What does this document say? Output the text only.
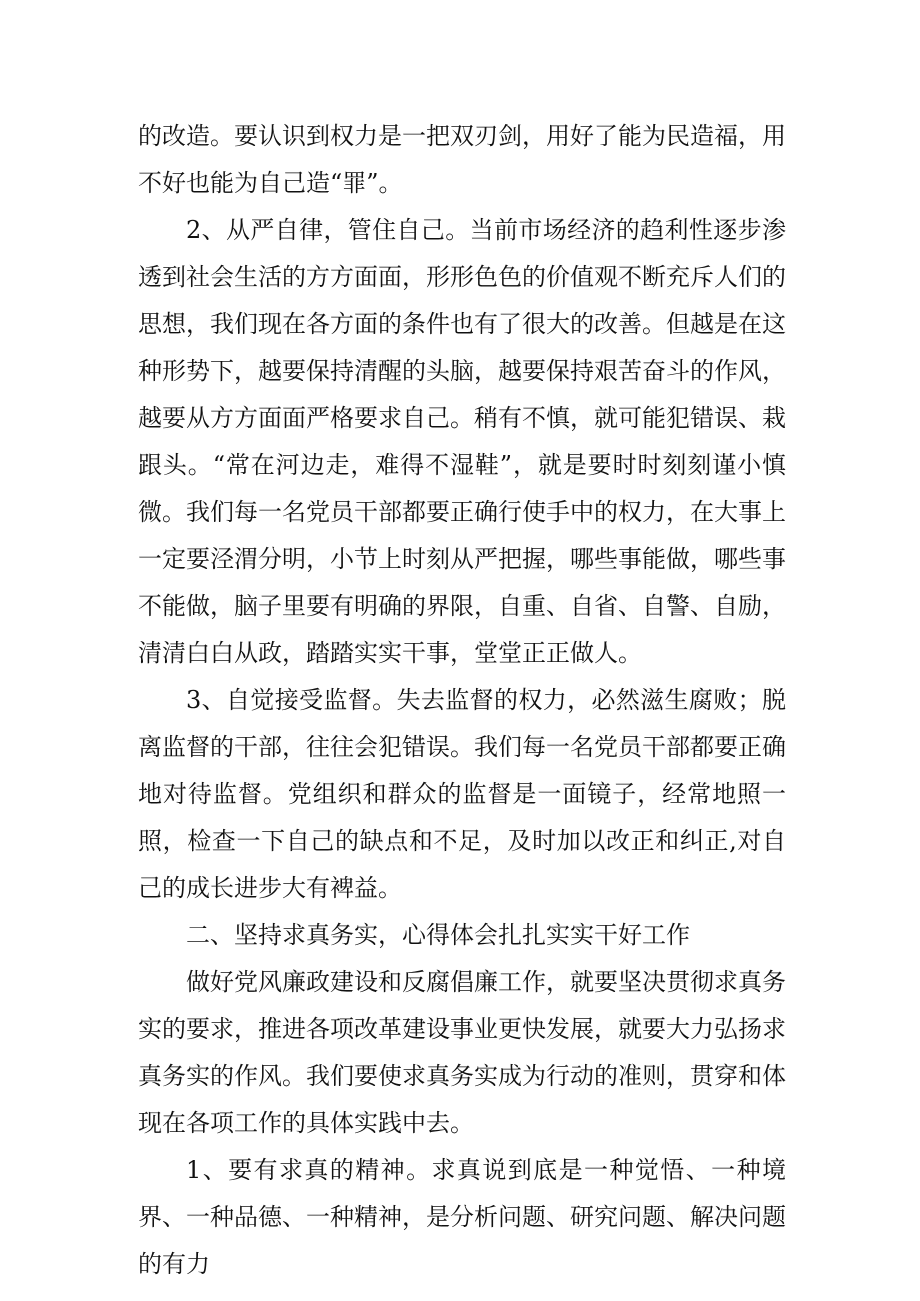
的改造。要认识到权力是一把双刃剑，用好了能为民造福，用不好也能为自己造“罪”。

2、从严自律，管住自己。当前市场经济的趋利性逐步渗透到社会生活的方方面面，形形色色的价值观不断充斥人们的思想，我们现在各方面的条件也有了很大的改善。但越是在这种形势下，越要保持清醒的头脑，越要保持艰苦奋斗的作风，越要从方方面面严格要求自己。稍有不慎，就可能犯错误、栽跟头。“常在河边走，难得不湿鞋”，就是要时时刻刻谨小慎微。我们每一名党员干部都要正确行使手中的权力，在大事上一定要泾渭分明，小节上时刻从严把握，哪些事能做，哪些事不能做，脑子里要有明确的界限，自重、自省、自警、自励，清清白白从政，踏踏实实干事，堂堂正正做人。

3、自觉接受监督。失去监督的权力，必然滋生腐败；脱离监督的干部，往往会犯错误。我们每一名党员干部都要正确地对待监督。党组织和群众的监督是一面镜子，经常地照一照，检查一下自己的缺点和不足，及时加以改正和纠正,对自己的成长进步大有裨益。

二、坚持求真务实，心得体会扎扎实实干好工作

做好党风廉政建设和反腐倡廉工作，就要坚决贯彻求真务实的要求，推进各项改革建设事业更快发展，就要大力弘扬求真务实的作风。我们要使求真务实成为行动的准则，贯穿和体现在各项工作的具体实践中去。

1、要有求真的精神。求真说到底是一种觉悟、一种境界、一种品德、一种精神，是分析问题、研究问题、解决问题的有力
